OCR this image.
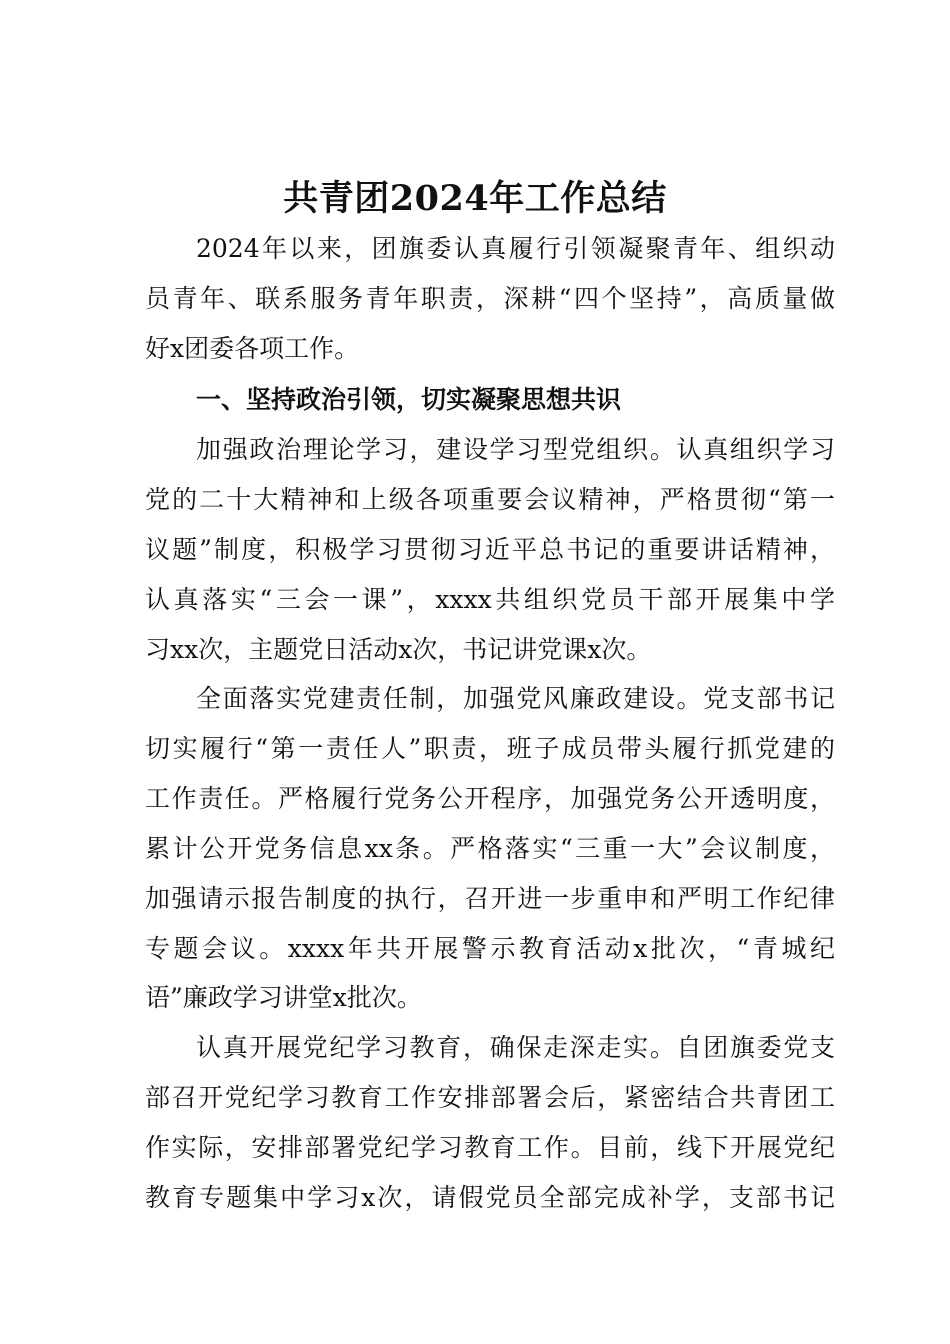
共青团2024年工作总结
2024年以来，团旗委认真履行引领凝聚青年、组织动
员青年、联系服务青年职责，深耕“四个坚持”，高质量做
好x团委各项工作。
一、坚持政治引领，切实凝聚思想共识
加强政治理论学习，建设学习型党组织。认真组织学习
党的二十大精神和上级各项重要会议精神，严格贯彻“第一
议题”制度，积极学习贯彻习近平总书记的重要讲话精神，
认真落实“三会一课”，xxxx共组织党员干部开展集中学
习xx次，主题党日活动x次，书记讲党课x次。
全面落实党建责任制，加强党风廉政建设。党支部书记
切实履行“第一责任人”职责，班子成员带头履行抓党建的
工作责任。严格履行党务公开程序，加强党务公开透明度，
累计公开党务信息xx条。严格落实“三重一大”会议制度，
加强请示报告制度的执行，召开进一步重申和严明工作纪律
专题会议。xxxx年共开展警示教育活动x批次，“青城纪
语”廉政学习讲堂x批次。
认真开展党纪学习教育，确保走深走实。自团旗委党支
部召开党纪学习教育工作安排部署会后，紧密结合共青团工
作实际，安排部署党纪学习教育工作。目前，线下开展党纪
教育专题集中学习x次，请假党员全部完成补学，支部书记
